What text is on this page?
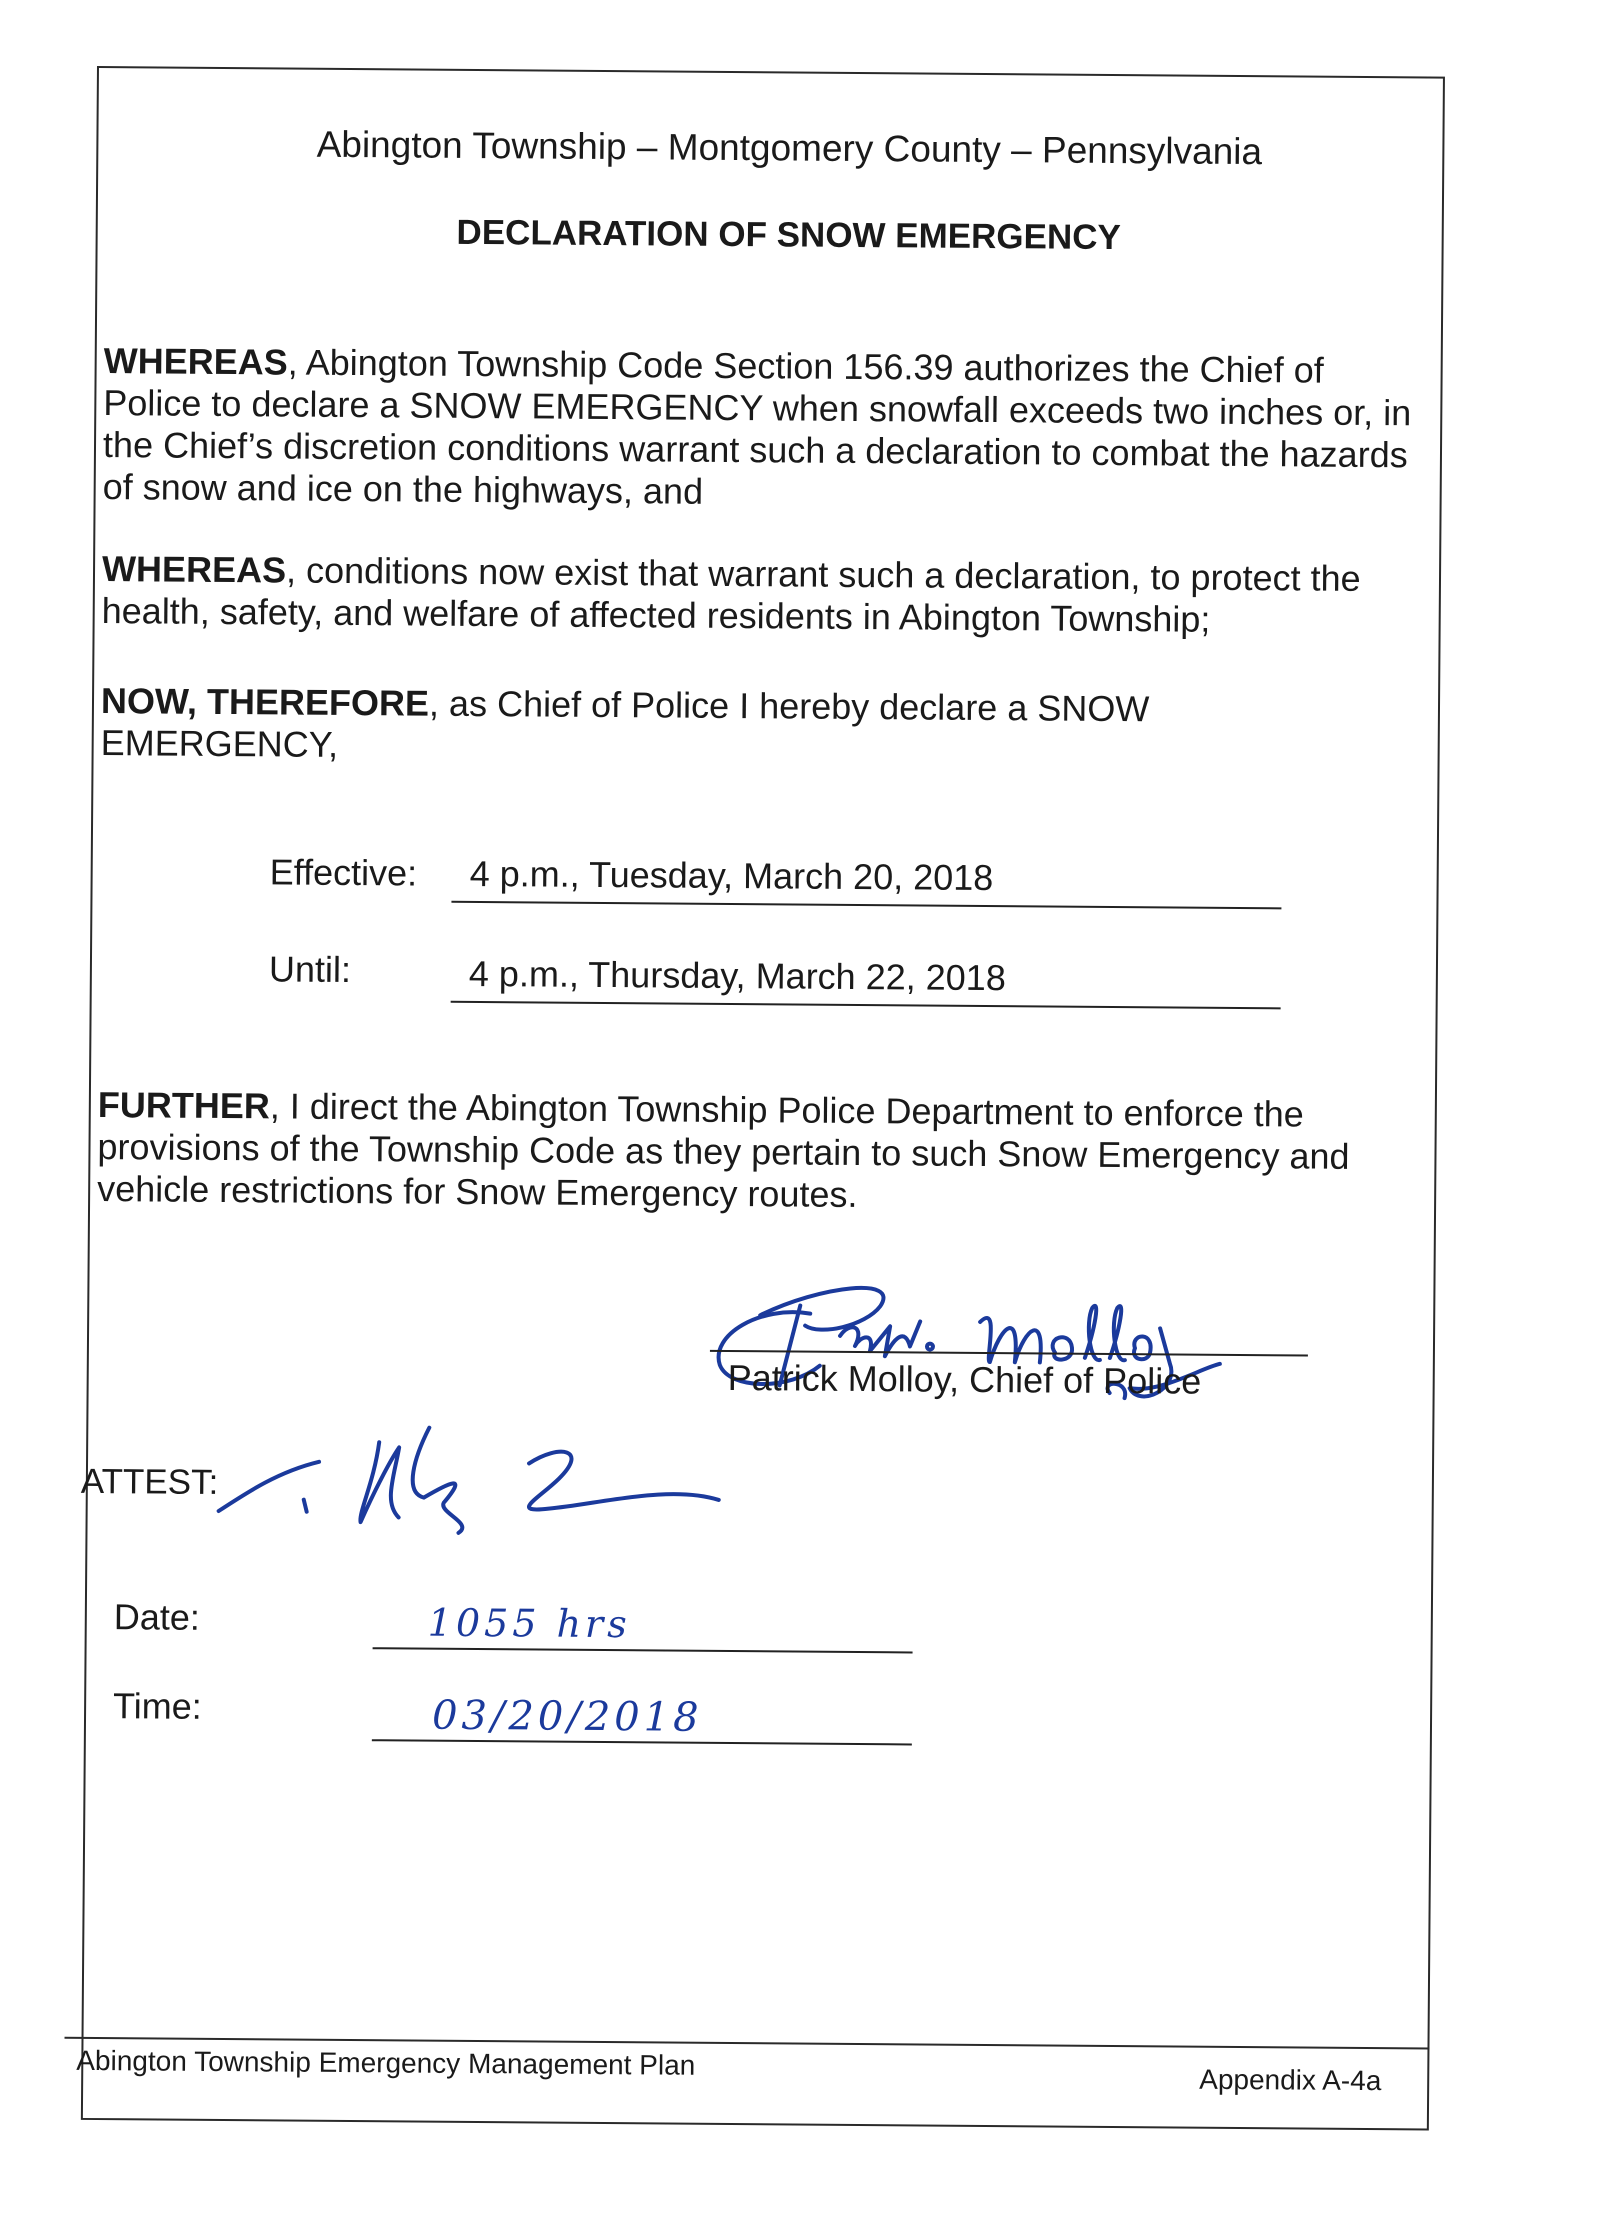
Abington Township – Montgomery County – Pennsylvania
DECLARATION OF SNOW EMERGENCY
WHEREAS, Abington Township Code Section 156.39 authorizes the Chief of Police to declare a SNOW EMERGENCY when snowfall exceeds two inches or, in the Chief’s discretion conditions warrant such a declaration to combat the hazards of snow and ice on the highways, and
WHEREAS, conditions now exist that warrant such a declaration, to protect the health, safety, and welfare of affected residents in Abington Township;
NOW, THEREFORE, as Chief of Police I hereby declare a SNOW EMERGENCY,
Effective:	4 p.m., Tuesday, March 20, 2018
Until:	4 p.m., Thursday, March 22, 2018
FURTHER, I direct the Abington Township Police Department to enforce the provisions of the Township Code as they pertain to such Snow Emergency and vehicle restrictions for Snow Emergency routes.
Patrick Molloy, Chief of Police
ATTEST:
Date:	1055 hrs
Time:	03/20/2018
Abington Township Emergency Management Plan	Appendix A-4a
